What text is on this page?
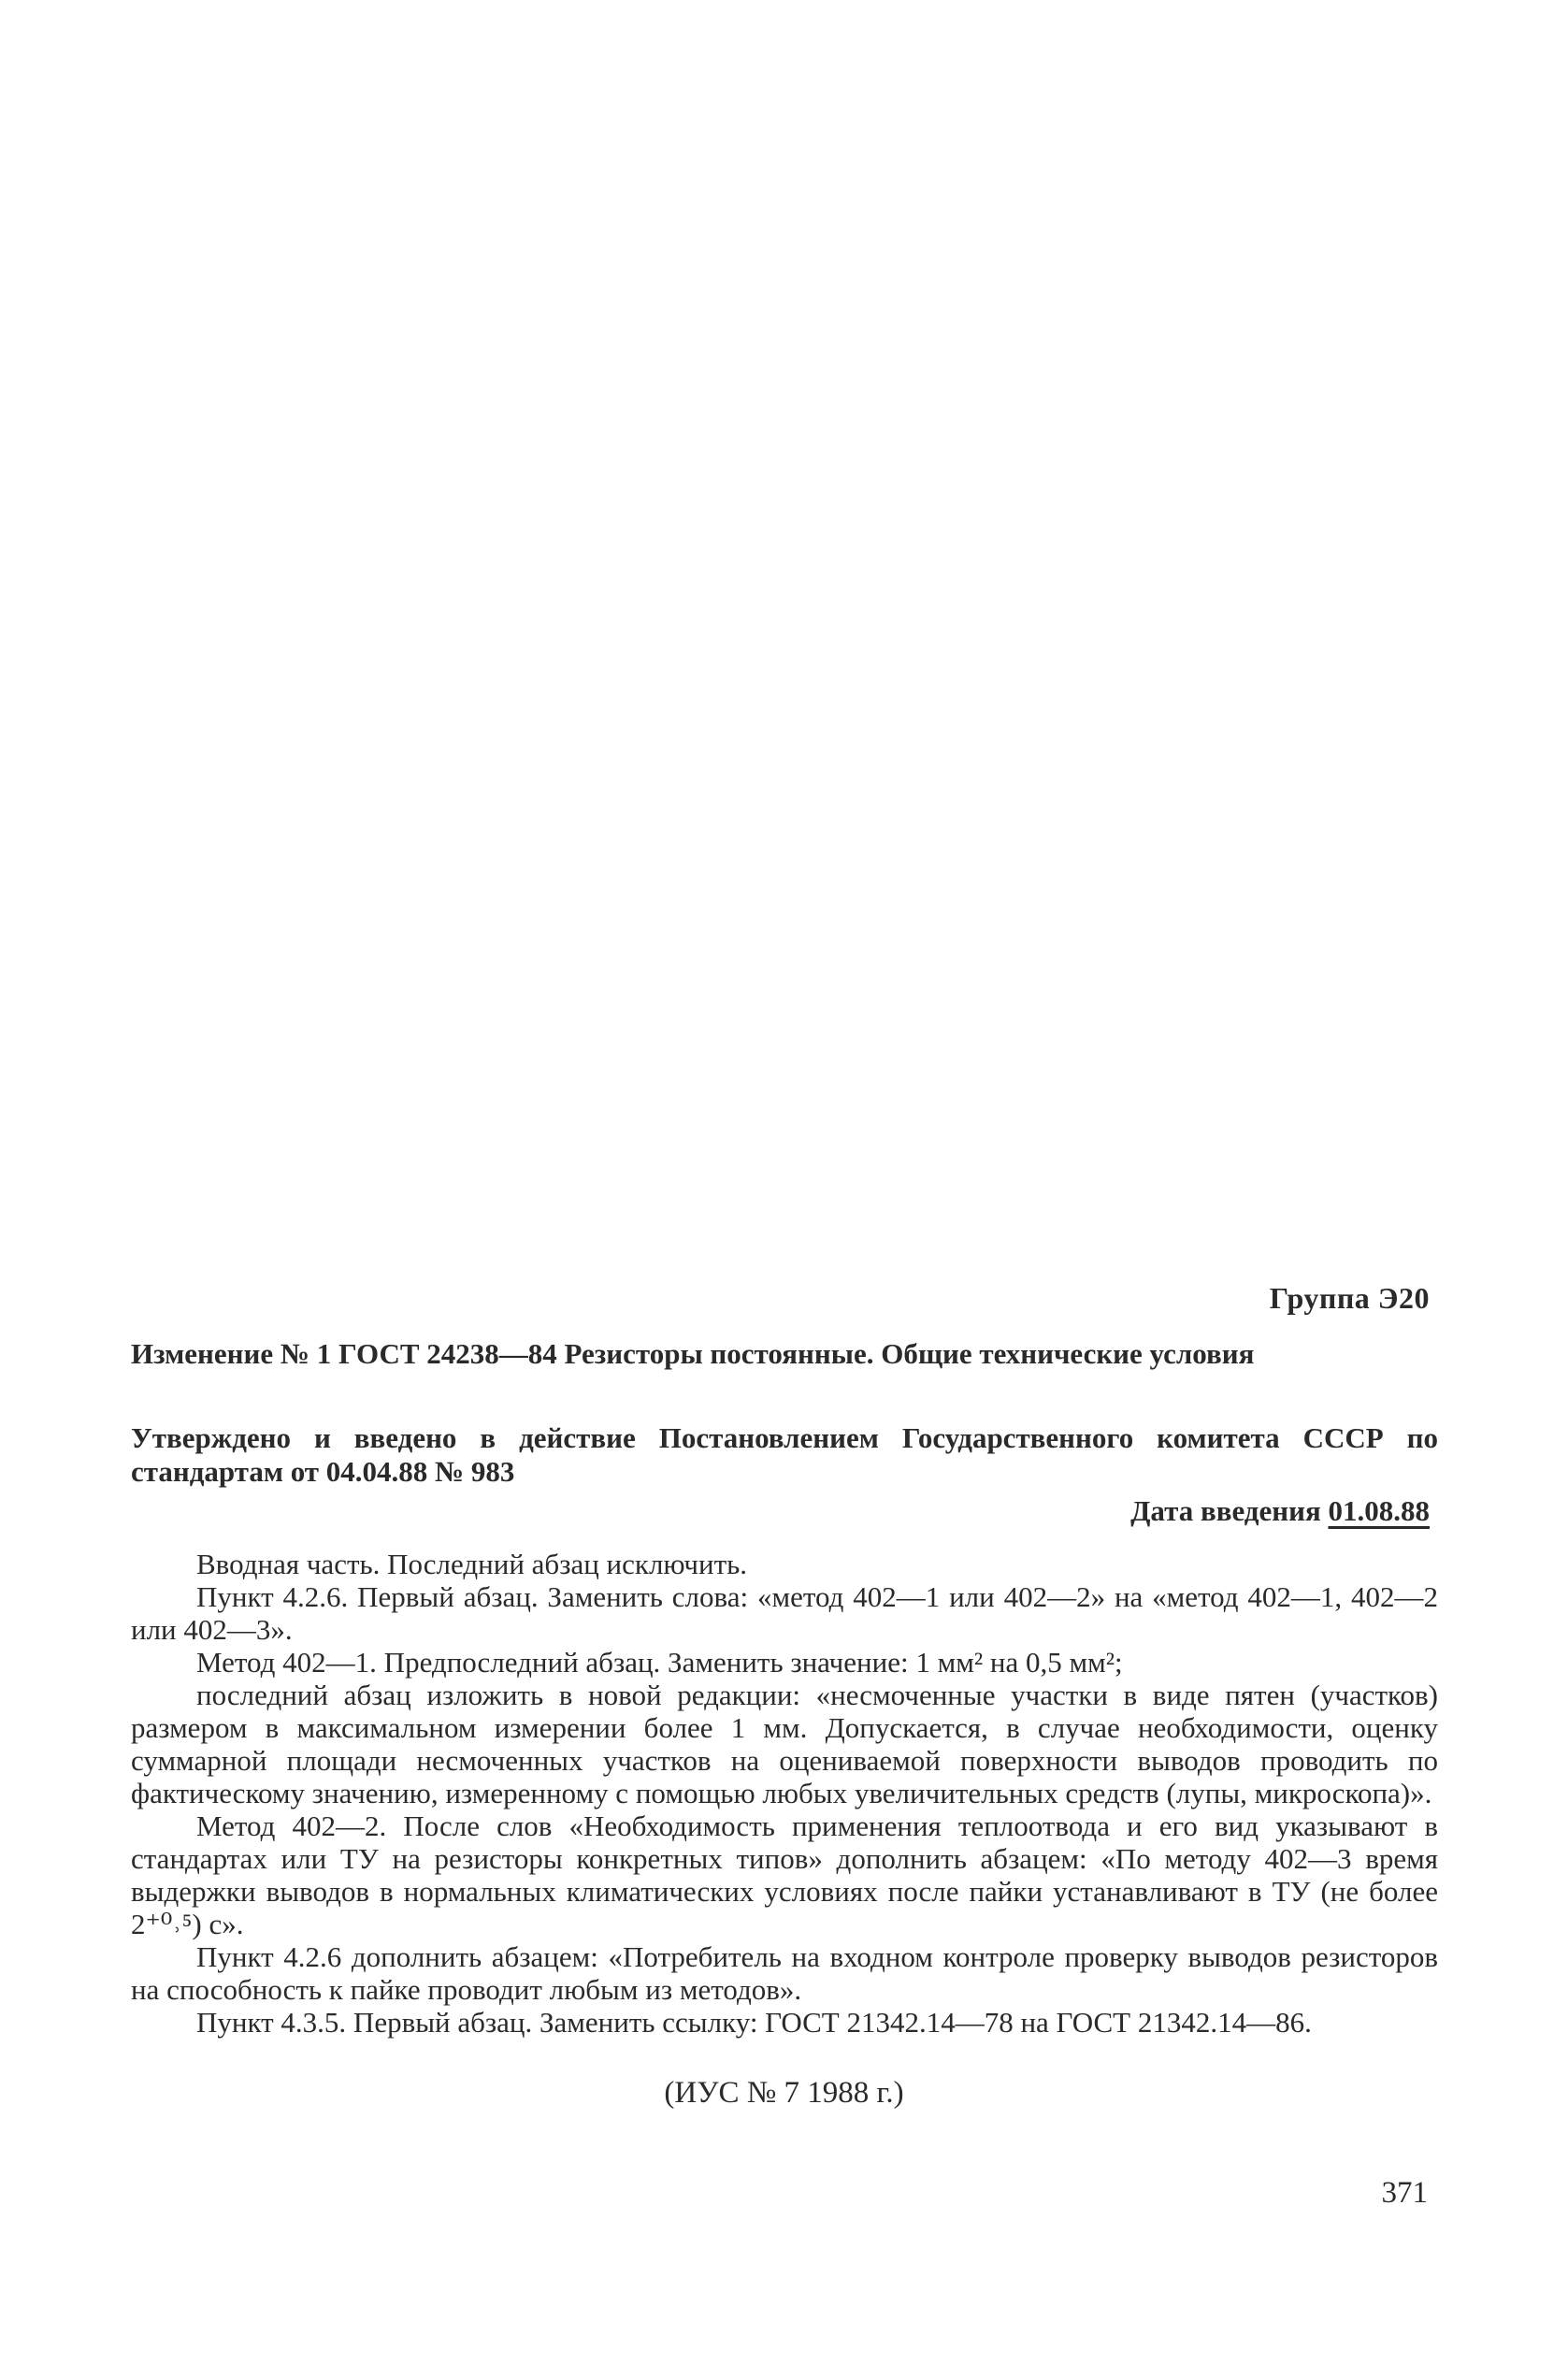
Группа Э20

Изменение № 1 ГОСТ 24238—84 Резисторы постоянные. Общие технические условия

Утверждено и введено в действие Постановлением Государственного комитета СССР по стандартам от 04.04.88 № 983

Дата введения 01.08.88

Вводная часть. Последний абзац исключить.

Пункт 4.2.6. Первый абзац. Заменить слова: «метод 402—1 или 402—2» на «метод 402—1, 402—2 или 402—3».

Метод 402—1. Предпоследний абзац. Заменить значение: 1 мм² на 0,5 мм²;

последний абзац изложить в новой редакции: «несмоченные участки в виде пятен (участков) размером в максимальном измерении более 1 мм. Допускается, в случае необходимости, оценку суммарной площади несмоченных участков на оцениваемой поверхности выводов проводить по фактическому значению, измеренному с помощью любых увеличительных средств (лупы, микроскопа)».

Метод 402—2. После слов «Необходимость применения теплоотвода и его вид указывают в стандартах или ТУ на резисторы конкретных типов» дополнить абзацем: «По методу 402—3 время выдержки выводов в нормальных климатических условиях после пайки устанавливают в ТУ (не более 2⁺⁰˒⁵) с».

Пункт 4.2.6 дополнить абзацем: «Потребитель на входном контроле проверку выводов резисторов на способность к пайке проводит любым из методов».

Пункт 4.3.5. Первый абзац. Заменить ссылку: ГОСТ 21342.14—78 на ГОСТ 21342.14—86.

(ИУС № 7 1988 г.)
371
